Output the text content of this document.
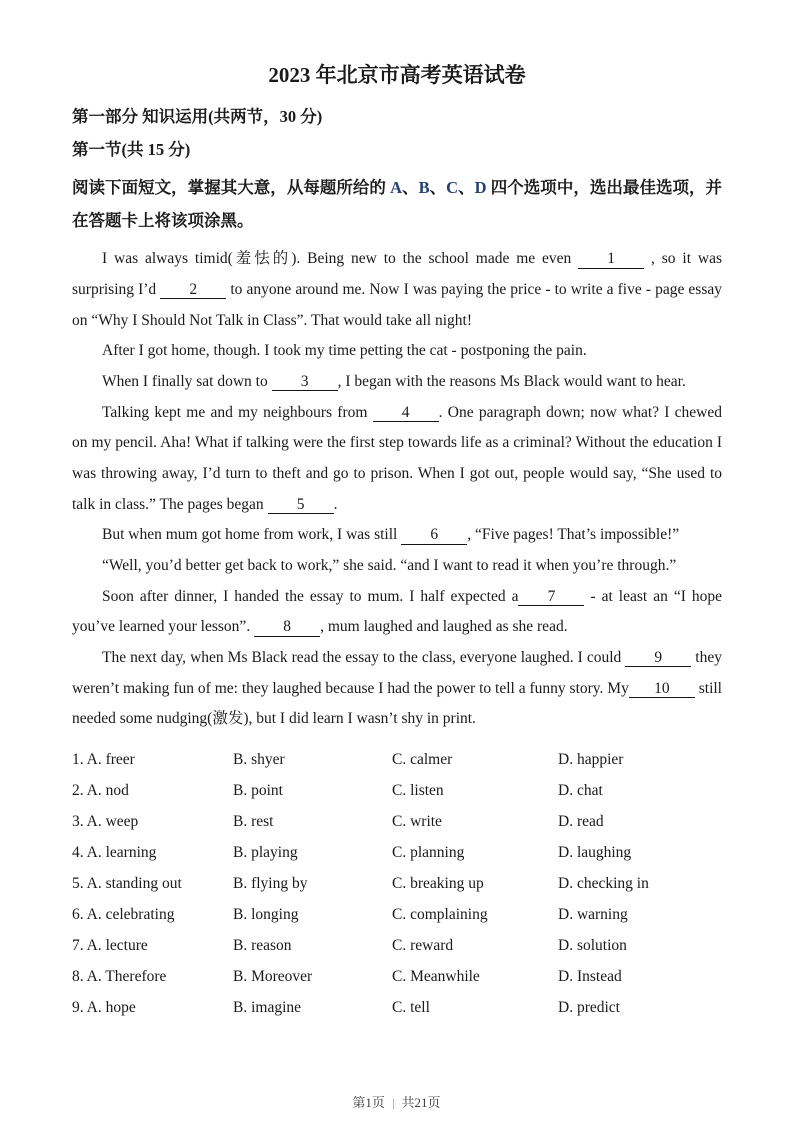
2023 年北京市高考英语试卷
第一部分 知识运用(共两节，30 分)
第一节(共 15 分)
阅读下面短文，掌握其大意，从每题所给的 A、B、C、D 四个选项中，选出最佳选项，并在答题卡上将该项涂黑。

I was always timid(羞怯的). Being new to the school made me even 1 , so it was surprising I’d 2 to anyone around me. Now I was paying the price - to write a five - page essay on “Why I Should Not Talk in Class”. That would take all night!

After I got home, though. I took my time petting the cat - postponing the pain.

When I finally sat down to 3 , I began with the reasons Ms Black would want to hear.

Talking kept me and my neighbours from 4 . One paragraph down; now what? I chewed on my pencil. Aha! What if talking were the first step towards life as a criminal? Without the education I was throwing away, I’d turn to theft and go to prison. When I got out, people would say, “She used to talk in class.” The pages began 5 .

But when mum got home from work, I was still 6 , “Five pages! That’s impossible!”

“Well, you’d better get back to work,” she said. “and I want to read it when you’re through.”

Soon after dinner, I handed the essay to mum. I half expected a 7 - at least an “I hope you’ve learned your lesson”. 8 , mum laughed and laughed as she read.

The next day, when Ms Black read the essay to the class, everyone laughed. I could 9 they weren’t making fun of me: they laughed because I had the power to tell a funny story. My 10 still needed some nudging(激发), but I did learn I wasn’t shy in print.

1. A. freer	B. shyer	C. calmer	D. happier
2. A. nod	B. point	C. listen	D. chat
3. A. weep	B. rest	C. write	D. read
4. A. learning	B. playing	C. planning	D. laughing
5. A. standing out	B. flying by	C. breaking up	D. checking in
6. A. celebrating	B. longing	C. complaining	D. warning
7. A. lecture	B. reason	C. reward	D. solution
8. A. Therefore	B. Moreover	C. Meanwhile	D. Instead
9. A. hope	B. imagine	C. tell	D. predict
第1页 | 共21页
